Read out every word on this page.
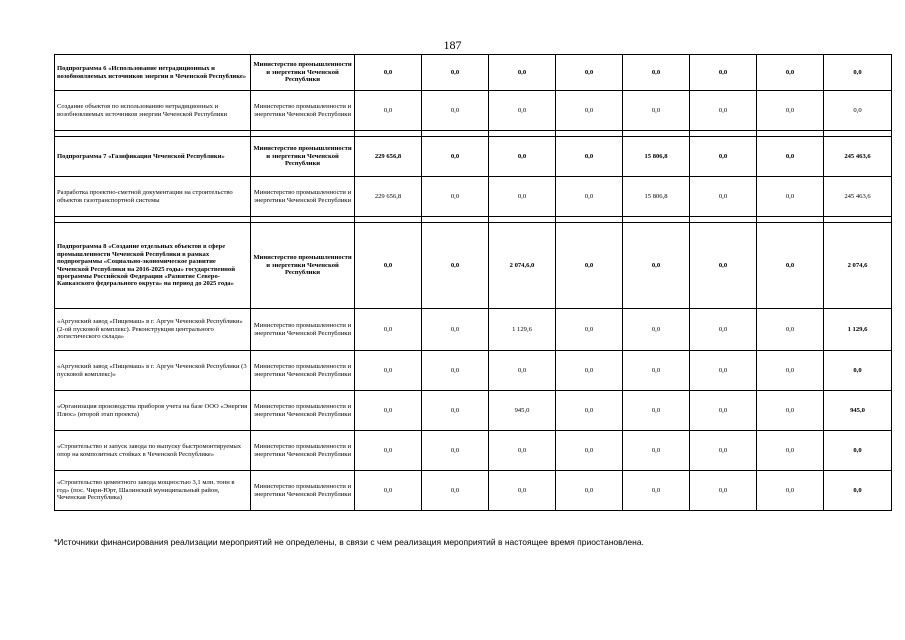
187
Подпрограмма 6 «Использование нетрадиционных и возобновляемых источников энергии в Чеченской Республике»	Министерство промышленности и энергетики Чеченской Республики	0,0	0,0	0,0	0,0	0,0	0,0	0,0	0,0
Создание объектов по использованию нетрадиционных и возобновляемых источников энергии Чеченской Республики	Министерство промышленности и энергетики Чеченской Республики	0,0	0,0	0,0	0,0	0,0	0,0	0,0	0,0

Подпрограмма 7 «Газификация Чеченской Республики»	Министерство промышленности и энергетики Чеченской Республики	229 656,8	0,0	0,0	0,0	15 806,8	0,0	0,0	245 463,6
Разработка проектно-сметной документации на строительство объектов газотранспортной системы	Министерство промышленности и энергетики Чеченской Республики	229 656,8	0,0	0,0	0,0	15 806,8	0,0	0,0	245 463,6

Подпрограмма 8 «Создание отдельных объектов в сфере промышленности Чеченской Республики в рамках подпрограммы «Социально-экономическое развитие Чеченской Республики на 2016-2025 годы» государственной программы Российской Федерации «Развитие Северо-Кавказского федерального округа» на период до 2025 года»	Министерство промышленности и энергетики Чеченской Республики	0,0	0,0	2 074,6,0	0,0	0,0	0,0	0,0	2 074,6
«Аргунский завод «Пищемаш» в г. Аргун Чеченской Республики» (2-ой пусковой комплекс). Реконструкция центрального логистического склада»	Министерство промышленности и энергетики Чеченской Республики	0,0	0,0	1 129,6	0,0	0,0	0,0	0,0	1 129,6
«Аргунский завод «Пищемаш» в г. Аргун Чеченской Республики (3 пусковой комплекс)»	Министерство промышленности и энергетики Чеченской Республики	0,0	0,0	0,0	0,0	0,0	0,0	0,0	0,0
«Организация производства приборов учета на базе ООО «Энергия Плюс» (второй этап проекта)	Министерство промышленности и энергетики Чеченской Республики	0,0	0,0	945,0	0,0	0,0	0,0	0,0	945,0
«Строительство и запуск завода по выпуску быстромонтируемых опор на композитных стойках в Чеченской Республике»	Министерство промышленности и энергетики Чеченской Республики	0,0	0,0	0,0	0,0	0,0	0,0	0,0	0,0
«Строительство цементного завода мощностью 3,1 млн. тонн в год» (пос. Чири-Юрт, Шалинский муниципальный район, Чеченская Республика)	Министерство промышленности и энергетики Чеченской Республики	0,0	0,0	0,0	0,0	0,0	0,0	0,0	0,0
*Источники финансирования реализации мероприятий не определены, в связи с чем реализация мероприятий в настоящее время приостановлена.
